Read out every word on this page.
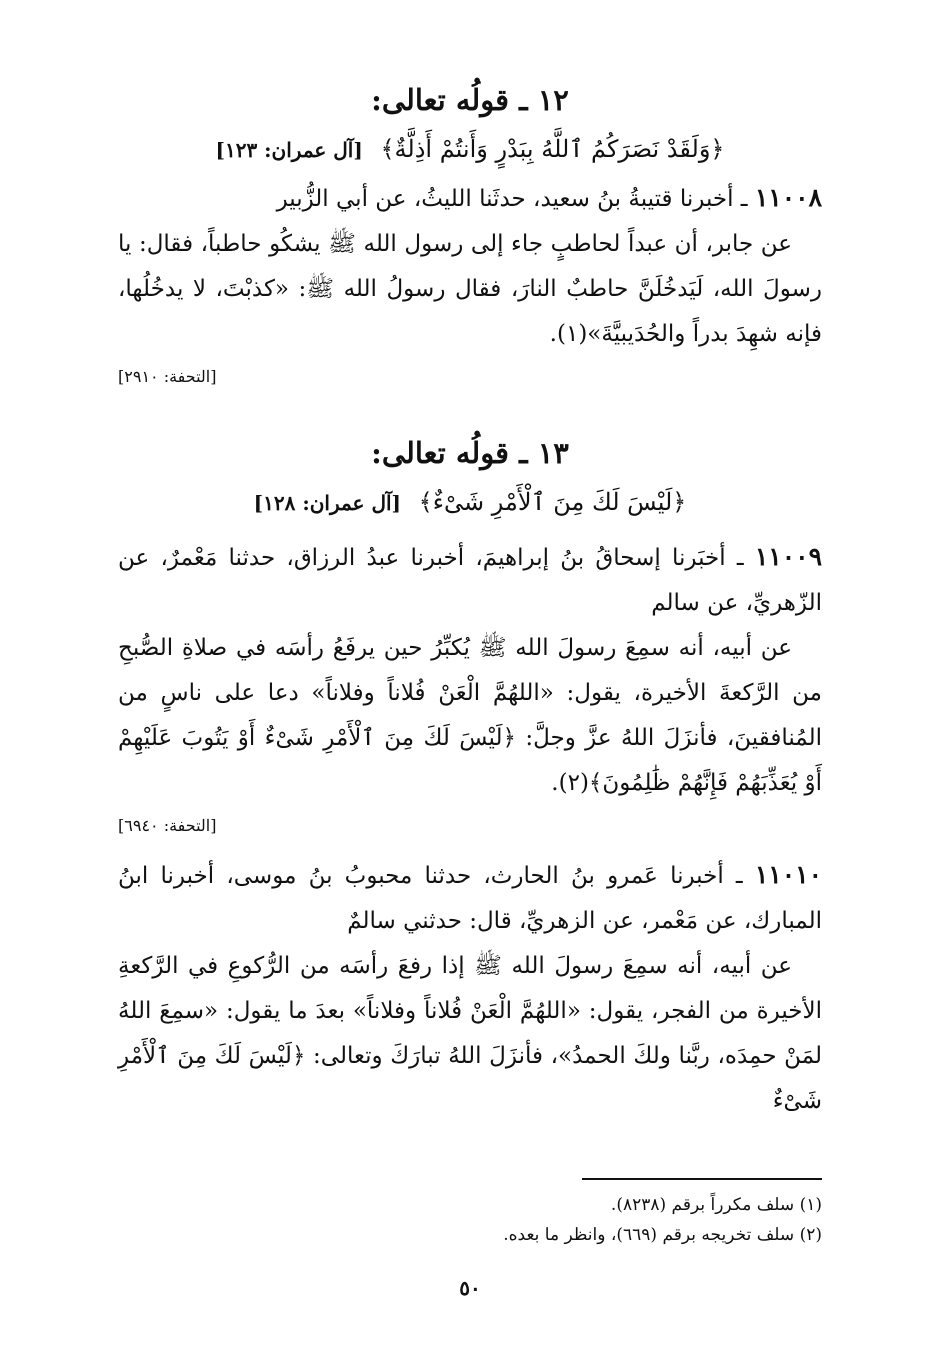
١٢ ـ قولُه تعالى:

﴿وَلَقَدْ نَصَرَكُمُ ٱللَّهُ بِبَدْرٍ وَأَنتُمْ أَذِلَّةٌ﴾ [آل عمران: ١٢٣]

١١٠٠٨ ـ أخبرنا قتيبةُ بنُ سعيد، حدثَنا الليثُ، عن أبي الزُّبير

عن جابر، أن عبداً لحاطبٍ جاء إلى رسول الله ﷺ يشكُو حاطباً، فقال: يا رسولَ الله، لَيَدخُلَنَّ حاطبٌ النارَ، فقال رسولُ الله ﷺ: «كذبْتَ، لا يدخُلُها، فإنه شهِدَ بدراً والحُدَيبيَّةَ»(١).

[التحفة: ٢٩١٠]

١٣ ـ قولُه تعالى:

﴿لَيْسَ لَكَ مِنَ ٱلْأَمْرِ شَىْءٌ﴾ [آل عمران: ١٢٨]

١١٠٠٩ ـ أخبَرنا إسحاقُ بنُ إبراهيمَ، أخبرنا عبدُ الرزاق، حدثنا مَعْمرٌ، عن الزّهريِّ، عن سالم

عن أبيه، أنه سمِعَ رسولَ الله ﷺ يُكبِّرُ حين يرفَعُ رأسَه في صلاةِ الصُّبحِ من الرَّكعةَ الأخيرة، يقول: «اللهُمَّ الْعَنْ فُلاناً وفلاناً» دعا على ناسٍ من المُنافقينَ، فأنزَلَ اللهُ عزَّ وجلَّ: ﴿لَيْسَ لَكَ مِنَ ٱلْأَمْرِ شَىْءٌ أَوْ يَتُوبَ عَلَيْهِمْ أَوْ يُعَذِّبَهُمْ فَإِنَّهُمْ ظَٰلِمُونَ﴾(٢).

[التحفة: ٦٩٤٠]

١١٠١٠ ـ أخبرنا عَمرو بنُ الحارث، حدثنا محبوبُ بنُ موسى، أخبرنا ابنُ المبارك، عن مَعْمر، عن الزهريِّ، قال: حدثني سالمٌ

عن أبيه، أنه سمِعَ رسولَ الله ﷺ إذا رفعَ رأسَه من الرُّكوعِ في الرَّكعةِ الأخيرة من الفجر، يقول: «اللهُمَّ الْعَنْ فُلاناً وفلاناً» بعدَ ما يقول: «سمِعَ اللهُ لمَنْ حمِدَه، ربَّنا ولكَ الحمدُ»، فأنزَلَ اللهُ تبارَكَ وتعالى: ﴿لَيْسَ لَكَ مِنَ ٱلْأَمْرِ شَىْءٌ

(١) سلف مكرراً برقم (٨٢٣٨).

(٢) سلف تخريجه برقم (٦٦٩)، وانظر ما بعده.

٥٠
